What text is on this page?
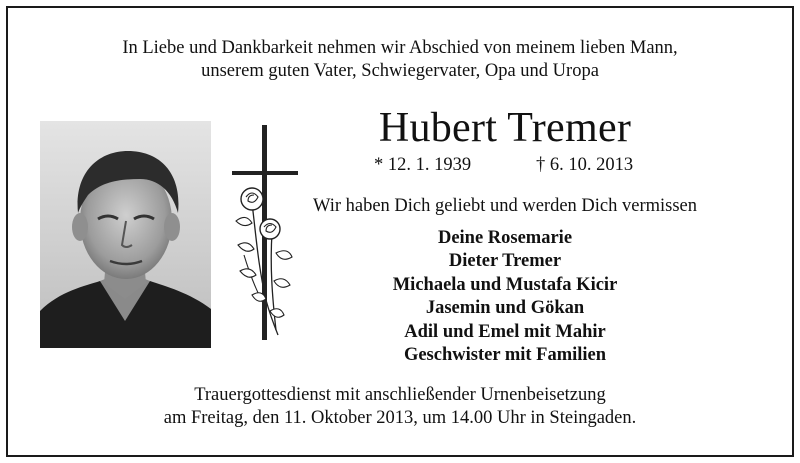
In Liebe und Dankbarkeit nehmen wir Abschied von meinem lieben Mann,
unserem guten Vater, Schwiegervater, Opa und Uropa
Hubert Tremer
* 12. 1. 1939	† 6. 10. 2013
Wir haben Dich geliebt und werden Dich vermissen
Deine Rosemarie
Dieter Tremer
Michaela und Mustafa Kicir
Jasemin und Gökan
Adil und Emel mit Mahir
Geschwister mit Familien
Trauergottesdienst mit anschließender Urnenbeisetzung
am Freitag, den 11. Oktober 2013, um 14.00 Uhr in Steingaden.
